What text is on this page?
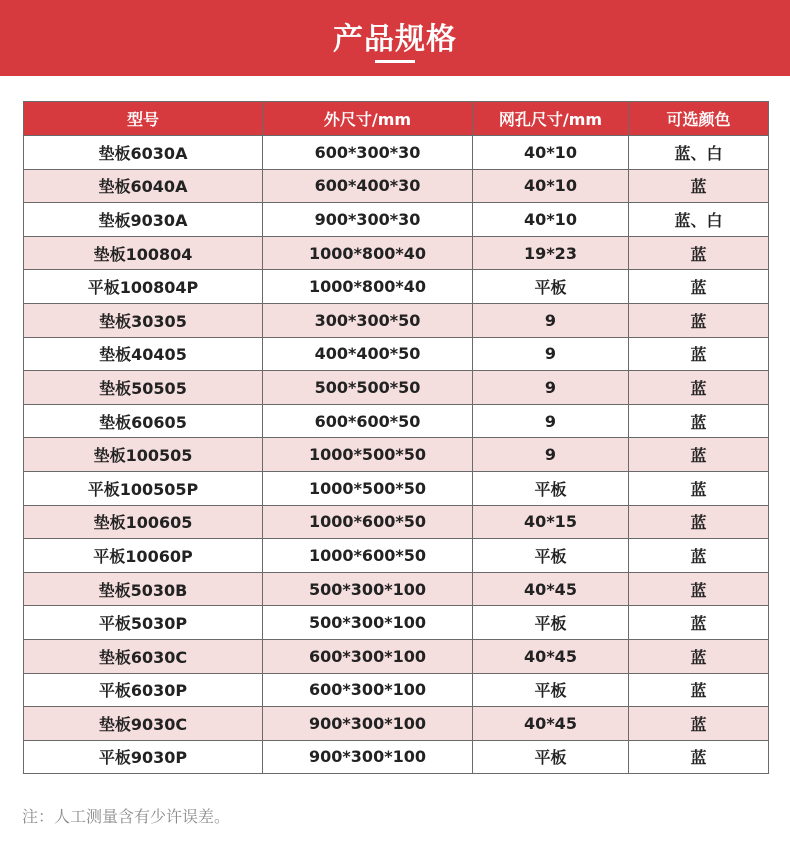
产品规格
型号	外尺寸/mm	网孔尺寸/mm	可选颜色
垫板6030A	600*300*30	40*10	蓝、白
垫板6040A	600*400*30	40*10	蓝
垫板9030A	900*300*30	40*10	蓝、白
垫板100804	1000*800*40	19*23	蓝
平板100804P	1000*800*40	平板	蓝
垫板30305	300*300*50	9	蓝
垫板40405	400*400*50	9	蓝
垫板50505	500*500*50	9	蓝
垫板60605	600*600*50	9	蓝
垫板100505	1000*500*50	9	蓝
平板100505P	1000*500*50	平板	蓝
垫板100605	1000*600*50	40*15	蓝
平板10060P	1000*600*50	平板	蓝
垫板5030B	500*300*100	40*45	蓝
平板5030P	500*300*100	平板	蓝
垫板6030C	600*300*100	40*45	蓝
平板6030P	600*300*100	平板	蓝
垫板9030C	900*300*100	40*45	蓝
平板9030P	900*300*100	平板	蓝
注：人工测量含有少许误差。
